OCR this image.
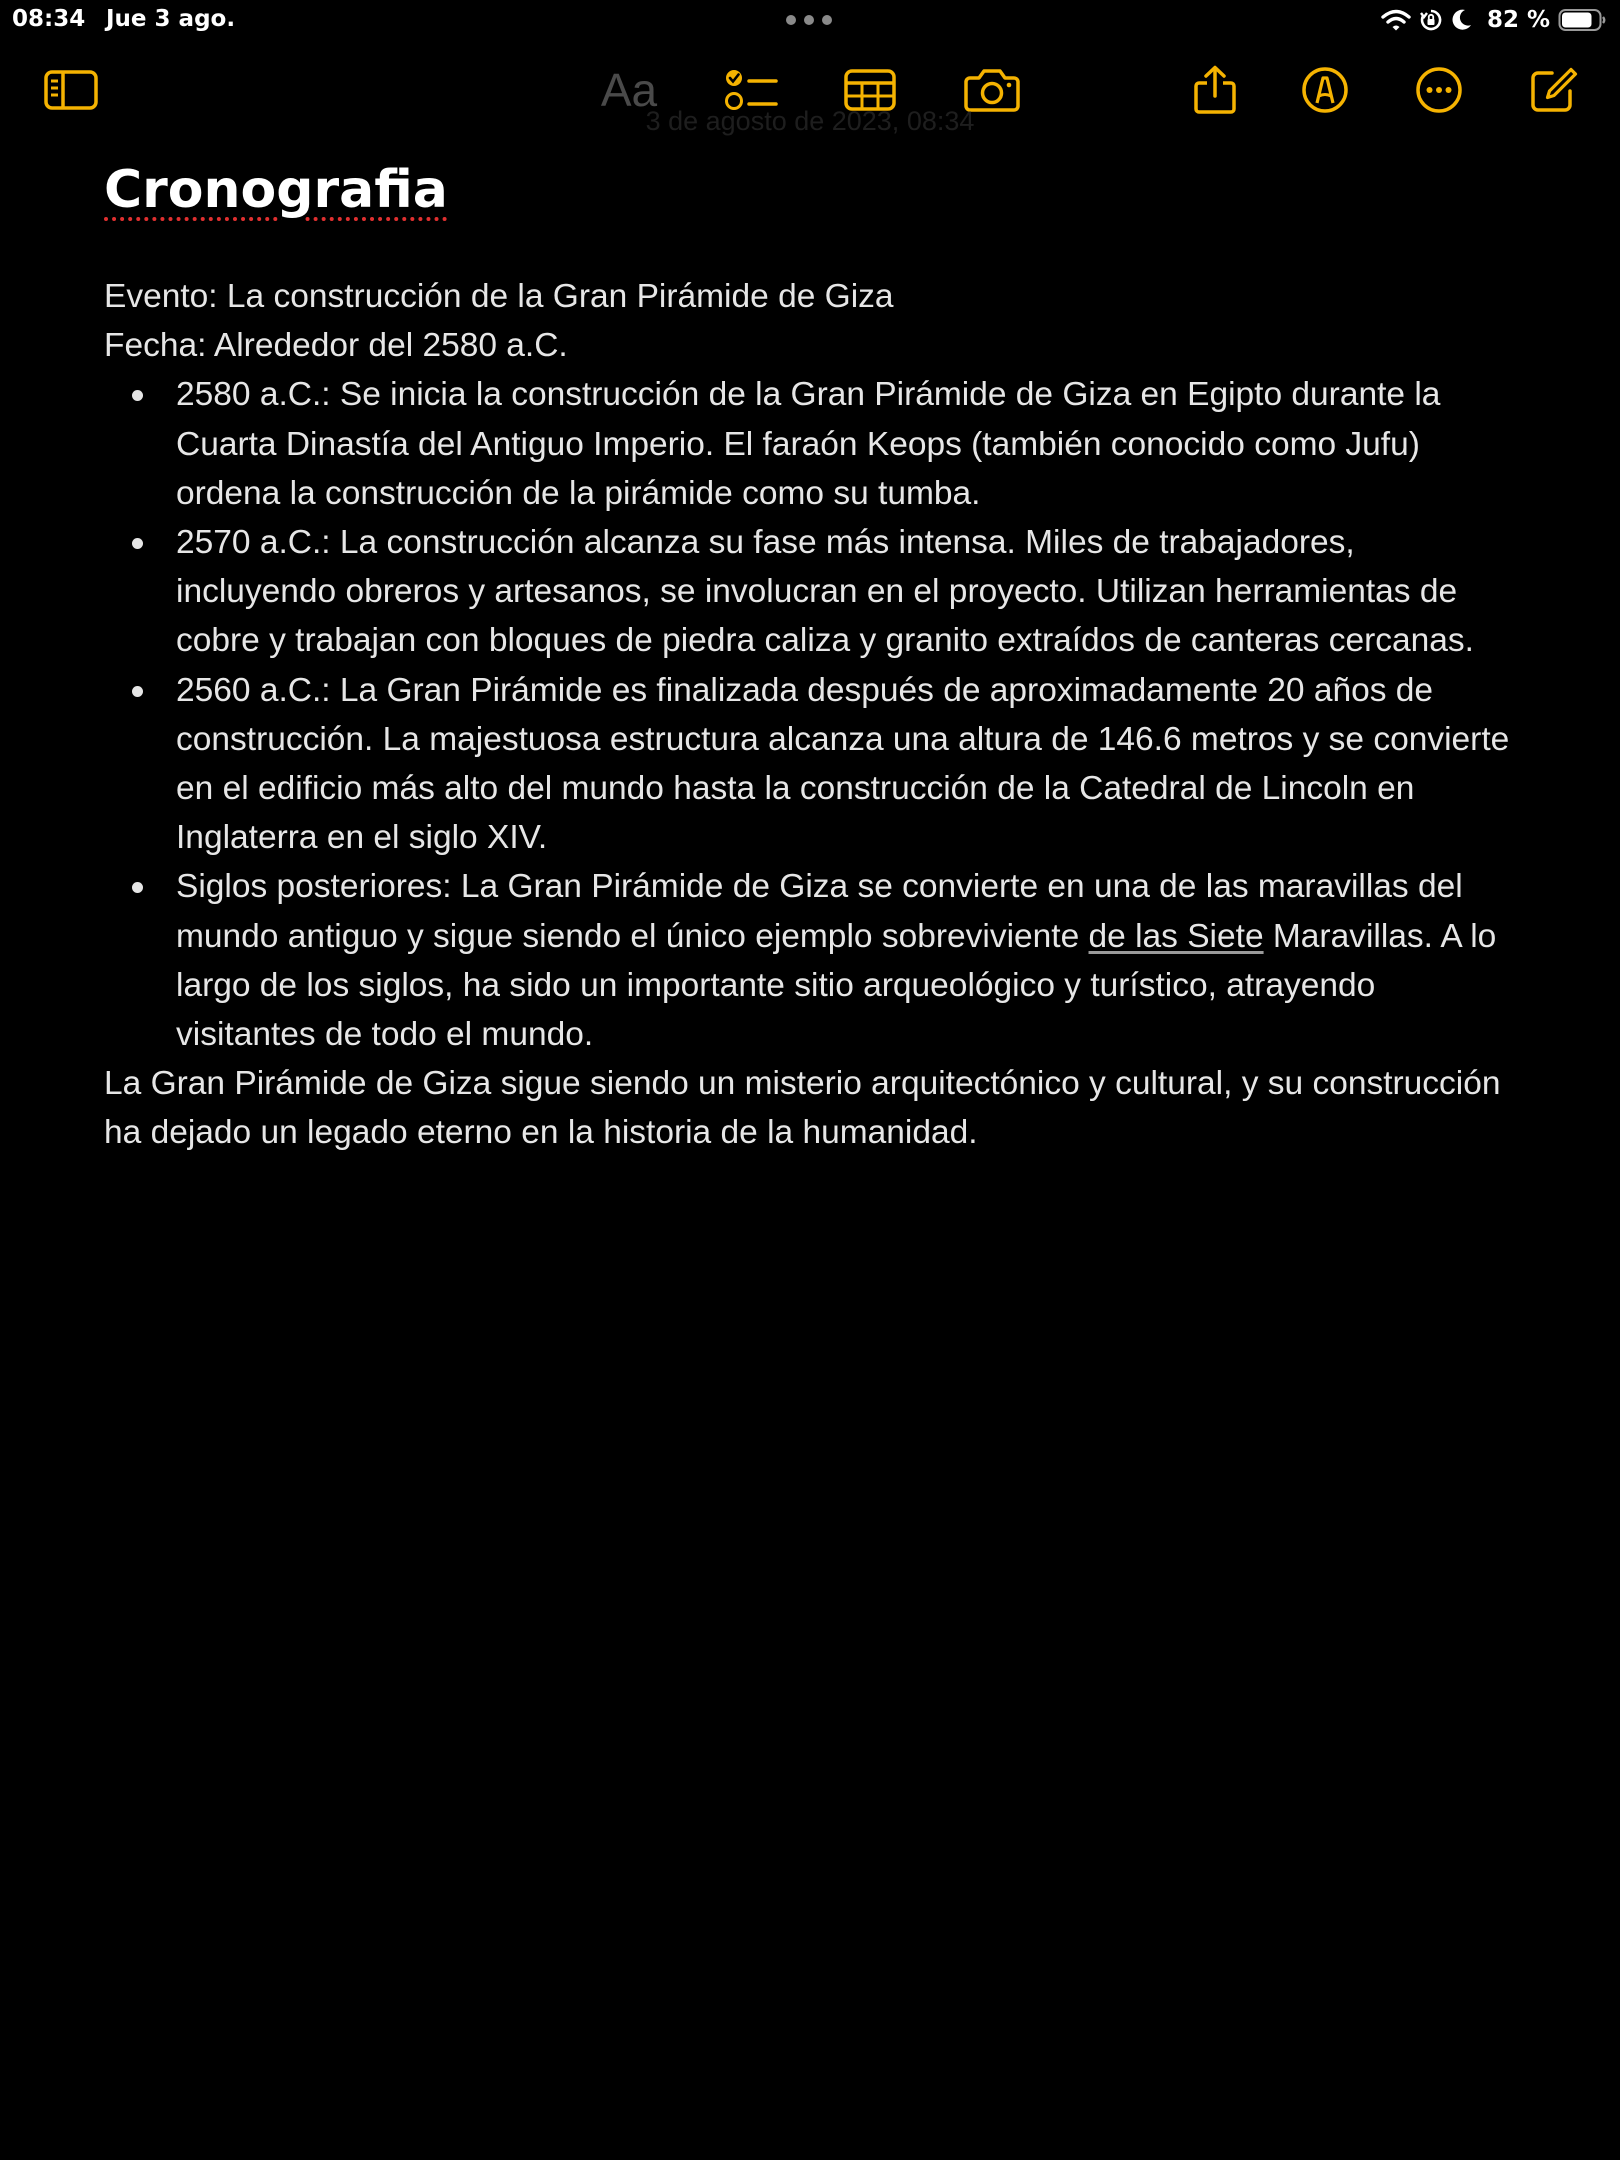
08:34 Jue 3 ago.	82 %
Aa
3 de agosto de 2023, 08:34
Cronografia

Evento: La construcción de la Gran Pirámide de Giza

Fecha: Alrededor del 2580 a.C.

2580 a.C.: Se inicia la construcción de la Gran Pirámide de Giza en Egipto durante la Cuarta Dinastía del Antiguo Imperio. El faraón Keops (también conocido como Jufu) ordena la construcción de la pirámide como su tumba.
2570 a.C.: La construcción alcanza su fase más intensa. Miles de trabajadores, incluyendo obreros y artesanos, se involucran en el proyecto. Utilizan herramientas de cobre y trabajan con bloques de piedra caliza y granito extraídos de canteras cercanas.
2560 a.C.: La Gran Pirámide es finalizada después de aproximadamente 20 años de construcción. La majestuosa estructura alcanza una altura de 146.6 metros y se convierte en el edificio más alto del mundo hasta la construcción de la Catedral de Lincoln en Inglaterra en el siglo XIV.
Siglos posteriores: La Gran Pirámide de Giza se convierte en una de las maravillas del mundo antiguo y sigue siendo el único ejemplo sobreviviente de las Siete Maravillas. A lo largo de los siglos, ha sido un importante sitio arqueológico y turístico, atrayendo visitantes de todo el mundo.

La Gran Pirámide de Giza sigue siendo un misterio arquitectónico y cultural, y su construcción ha dejado un legado eterno en la historia de la humanidad.
